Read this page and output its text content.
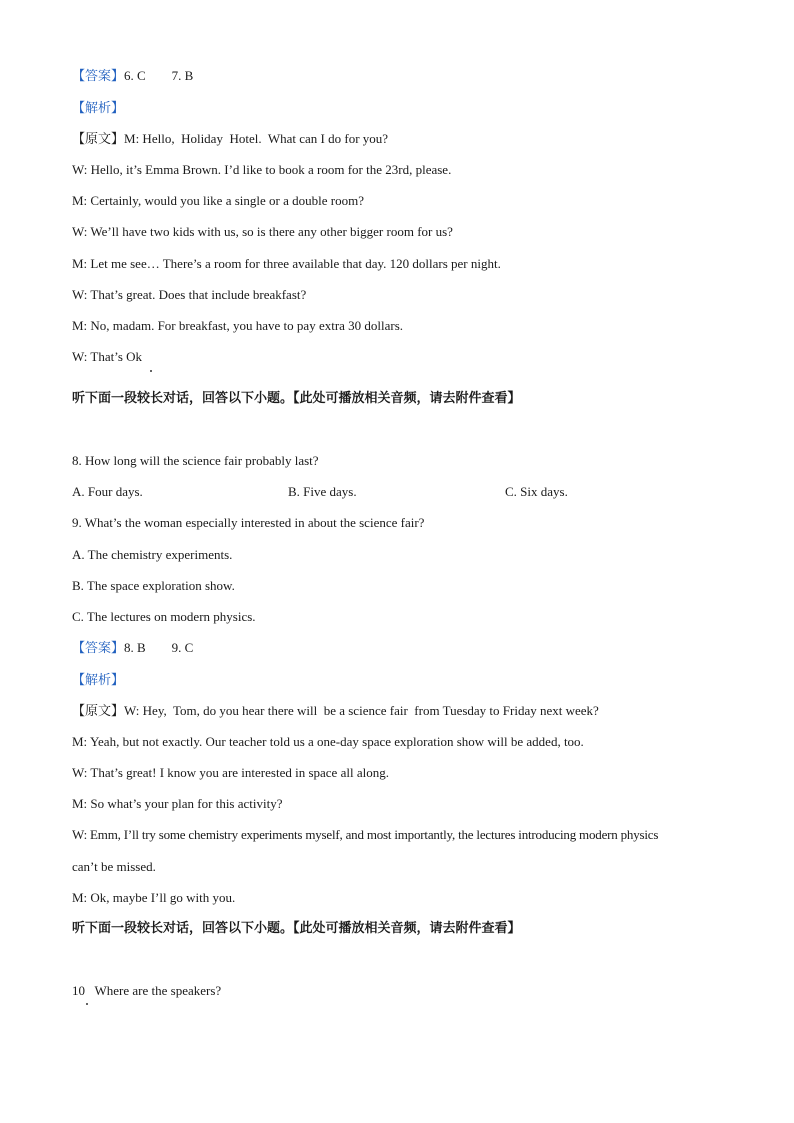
【答案】6. C        7. B
【解析】
【原文】M: Hello,  Holiday  Hotel.  What can I do for you?
W: Hello, it’s Emma Brown. I’d like to book a room for the 23rd, please.
M: Certainly, would you like a single or a double room?
W: We’ll have two kids with us, so is there any other bigger room for us?
M: Let me see… There’s a room for three available that day. 120 dollars per night.
W: That’s great. Does that include breakfast?
M: No, madam. For breakfast, you have to pay extra 30 dollars.
W: That’s Ok
听下面一段较长对话，回答以下小题。【此处可播放相关音频，请去附件查看】
8. How long will the science fair probably last?
A. Four days.	B. Five days.	C. Six days.
9. What’s the woman especially interested in about the science fair?
A. The chemistry experiments.
B. The space exploration show.
C. The lectures on modern physics.
【答案】8. B        9. C
【解析】
【原文】W: Hey,  Tom, do you hear there will  be a science fair  from Tuesday to Friday next week?
M: Yeah, but not exactly. Our teacher told us a one-day space exploration show will be added, too.
W: That’s great! I know you are interested in space all along.
M: So what’s your plan for this activity?
W: Emm, I’ll try some chemistry experiments myself, and most importantly, the lectures introducing modern physics
can’t be missed.
M: Ok, maybe I’ll go with you.
听下面一段较长对话，回答以下小题。【此处可播放相关音频，请去附件查看】
10   Where are the speakers?
